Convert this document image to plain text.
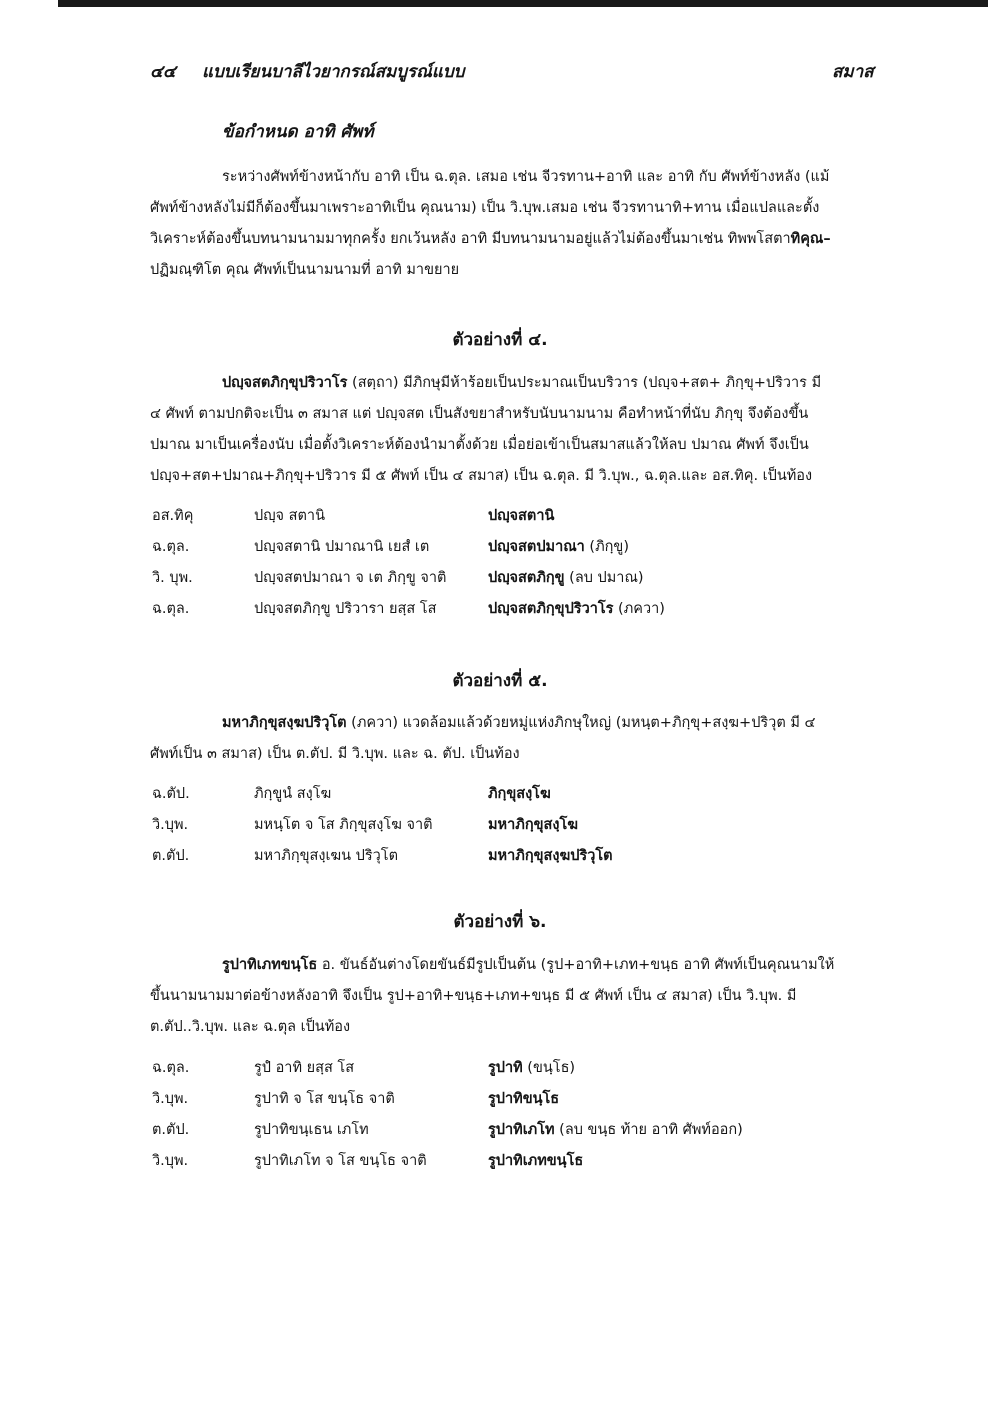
๔๔ แบบเรียนบาลีไวยากรณ์สมบูรณ์แบบ	สมาส
ข้อกำหนด อาทิ ศัพท์
ระหว่างศัพท์ข้างหน้ากับ อาทิ เป็น ฉ.ตุล. เสมอ เช่น จีวรทาน+อาทิ และ อาทิ กับ ศัพท์ข้างหลัง (แม้
ศัพท์ข้างหลังไม่มีก็ต้องขึ้นมาเพราะอาทิเป็น คุณนาม) เป็น วิ.บุพ.เสมอ เช่น จีวรทานาทิ+ทาน เมื่อแปลและตั้ง
วิเคราะห์ต้องขึ้นบทนามนามมาทุกครั้ง ยกเว้นหลัง อาทิ มีบทนามนามอยู่แล้วไม่ต้องขึ้นมาเช่น ทิพพโสตาทิคุณ–
ปฏิมณฺฑิโต คุณ ศัพท์เป็นนามนามที่ อาทิ มาขยาย
ตัวอย่างที่ ๔.
ปญฺจสตภิกฺขุปริวาโร (สตฺถา) มีภิกษุมีห้าร้อยเป็นประมาณเป็นบริวาร (ปญฺจ+สต+ ภิกฺขุ+ปริวาร มี
๔ ศัพท์ ตามปกติจะเป็น ๓ สมาส แต่ ปญฺจสต เป็นสังขยาสำหรับนับนามนาม คือทำหน้าที่นับ ภิกฺขุ จึงต้องขึ้น
ปมาณ มาเป็นเครื่องนับ เมื่อตั้งวิเคราะห์ต้องนำมาตั้งด้วย เมื่อย่อเข้าเป็นสมาสแล้วให้ลบ ปมาณ ศัพท์ จึงเป็น
ปญฺจ+สต+ปมาณ+ภิกฺขุ+ปริวาร มี ๕ ศัพท์ เป็น ๔ สมาส) เป็น ฉ.ตุล. มี วิ.บุพ., ฉ.ตุล.และ อส.ทิคุ. เป็นท้อง
อส.ทิคุ	ปญฺจ สตานิ	ปญฺจสตานิ
ฉ.ตุล.	ปญฺจสตานิ ปมาณานิ เยสํ เต	ปญฺจสตปมาณา (ภิกฺขู)
วิ. บุพ.	ปญฺจสตปมาณา จ เต ภิกฺขู จาติ	ปญฺจสตภิกฺขู (ลบ ปมาณ)
ฉ.ตุล.	ปญฺจสตภิกฺขู ปริวารา ยสฺส โส	ปญฺจสตภิกฺขุปริวาโร (ภควา)
ตัวอย่างที่ ๕.
มหาภิกฺขุสงฺฆปริวุโต (ภควา) แวดล้อมแล้วด้วยหมู่แห่งภิกษุใหญ่ (มหนฺต+ภิกฺขุ+สงฺฆ+ปริวุต มี ๔
ศัพท์เป็น ๓ สมาส) เป็น ต.ตัป. มี วิ.บุพ. และ ฉ. ตัป. เป็นท้อง
ฉ.ตัป.	ภิกฺขูนํ สงฺโฆ	ภิกฺขุสงฺโฆ
วิ.บุพ.	มหนฺโต จ โส ภิกฺขุสงฺโฆ จาติ	มหาภิกฺขุสงฺโฆ
ต.ตัป.	มหาภิกฺขุสงฺเฆน ปริวุโต	มหาภิกฺขุสงฺฆปริวุโต
ตัวอย่างที่ ๖.
รูปาทิเภทขนฺโธ อ. ขันธ์อันต่างโดยขันธ์มีรูปเป็นต้น (รูป+อาทิ+เภท+ขนฺธ อาทิ ศัพท์เป็นคุณนามให้
ขึ้นนามนามมาต่อข้างหลังอาทิ จึงเป็น รูป+อาทิ+ขนฺธ+เภท+ขนฺธ มี ๕ ศัพท์ เป็น ๔ สมาส) เป็น วิ.บุพ. มี
ต.ตัป..วิ.บุพ. และ ฉ.ตุล เป็นท้อง
ฉ.ตุล.	รูปํ อาทิ ยสฺส โส	รูปาทิ (ขนฺโธ)
วิ.บุพ.	รูปาทิ จ โส ขนฺโธ จาติ	รูปาทิขนฺโธ
ต.ตัป.	รูปาทิขนฺเธน เภโท	รูปาทิเภโท (ลบ ขนฺธ ท้าย อาทิ ศัพท์ออก)
วิ.บุพ.	รูปาทิเภโท จ โส ขนฺโธ จาติ	รูปาทิเภทขนฺโธ
